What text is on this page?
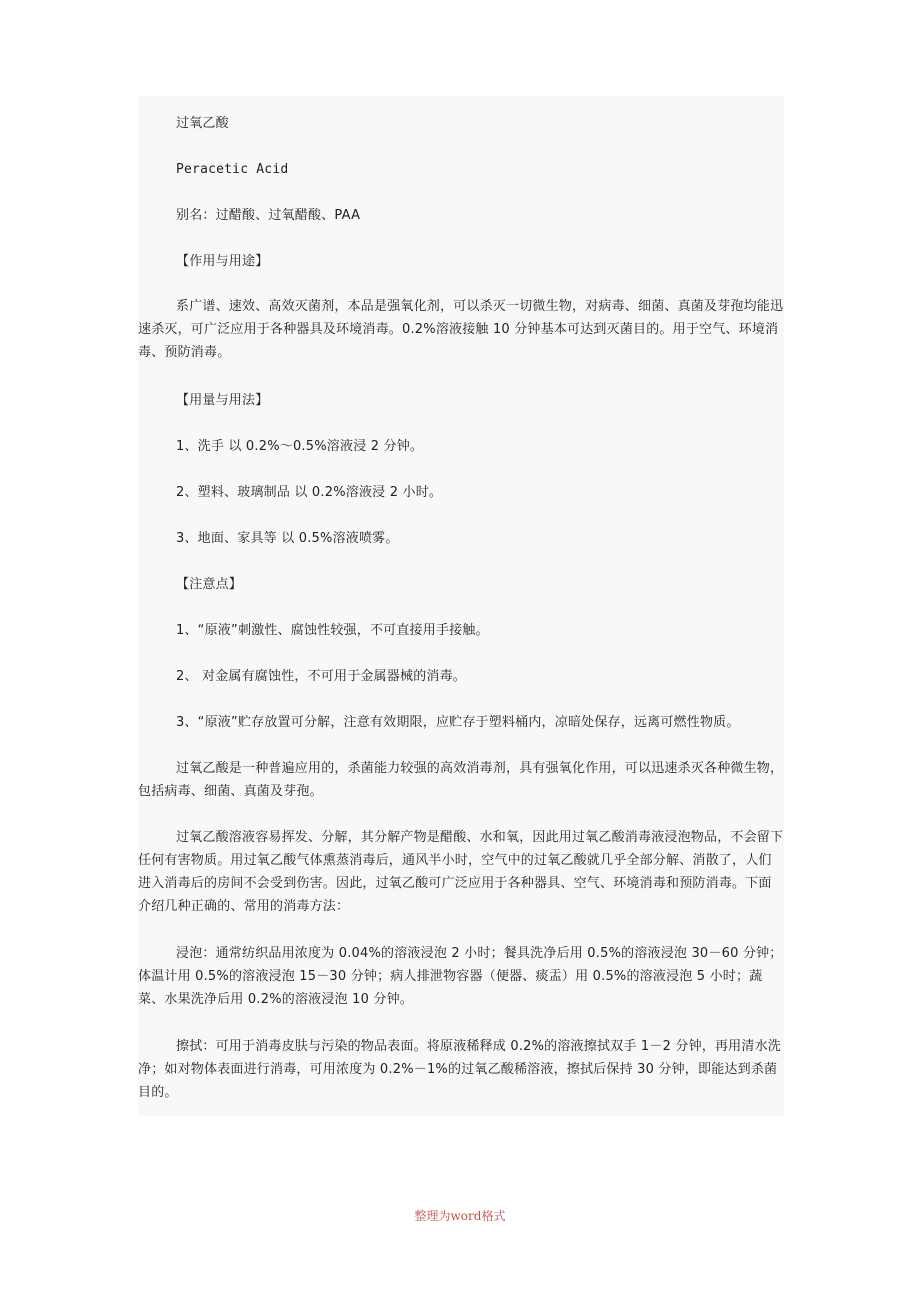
过氧乙酸

Peracetic Acid

别名：过醋酸、过氧醋酸、PAA

【作用与用途】

系广谱、速效、高效灭菌剂，本品是强氧化剂，可以杀灭一切微生物，对病毒、细菌、真菌及芽孢均能迅速杀灭，可广泛应用于各种器具及环境消毒。0.2%溶液接触 10 分钟基本可达到灭菌目的。用于空气、环境消毒、预防消毒。

【用量与用法】

1、洗手 以 0.2%～0.5%溶液浸 2 分钟。

2、塑料、玻璃制品 以 0.2%溶液浸 2 小时。

3、地面、家具等 以 0.5%溶液喷雾。

【注意点】

1、“原液”刺激性、腐蚀性较强，不可直接用手接触。

2、 对金属有腐蚀性，不可用于金属器械的消毒。

3、“原液”贮存放置可分解，注意有效期限，应贮存于塑料桶内，凉暗处保存，远离可燃性物质。

过氧乙酸是一种普遍应用的，杀菌能力较强的高效消毒剂，具有强氧化作用，可以迅速杀灭各种微生物，包括病毒、细菌、真菌及芽孢。

过氧乙酸溶液容易挥发、分解，其分解产物是醋酸、水和氧，因此用过氧乙酸消毒液浸泡物品，不会留下任何有害物质。用过氧乙酸气体熏蒸消毒后，通风半小时，空气中的过氧乙酸就几乎全部分解、消散了，人们进入消毒后的房间不会受到伤害。因此，过氧乙酸可广泛应用于各种器具、空气、环境消毒和预防消毒。下面介绍几种正确的、常用的消毒方法：

浸泡：通常纺织品用浓度为 0.04%的溶液浸泡 2 小时；餐具洗净后用 0.5%的溶液浸泡 30－60 分钟；体温计用 0.5%的溶液浸泡 15－30 分钟；病人排泄物容器（便器、痰盂）用 0.5%的溶液浸泡 5 小时；蔬菜、水果洗净后用 0.2%的溶液浸泡 10 分钟。

擦拭：可用于消毒皮肤与污染的物品表面。将原液稀释成 0.2%的溶液擦拭双手 1－2 分钟，再用清水洗净；如对物体表面进行消毒，可用浓度为 0.2%－1%的过氧乙酸稀溶液，擦拭后保持 30 分钟，即能达到杀菌目的。

整理为word格式
